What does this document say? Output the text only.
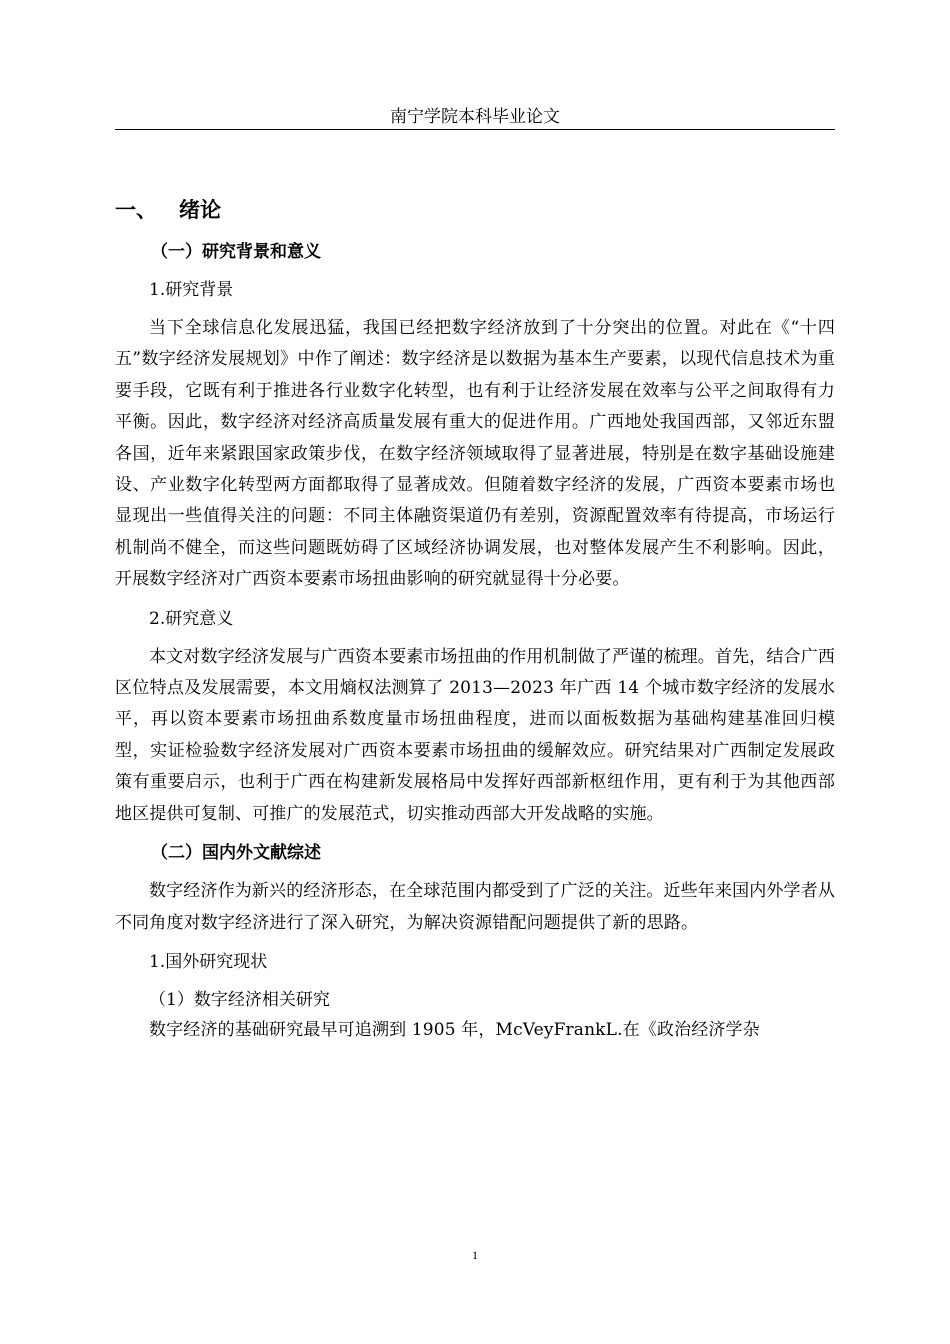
南宁学院本科毕业论文
一、 绪论
（一）研究背景和意义
1.研究背景

当下全球信息化发展迅猛，我国已经把数字经济放到了十分突出的位置。对此在《“十四五”数字经济发展规划》中作了阐述：数字经济是以数据为基本生产要素，以现代信息技术为重要手段，它既有利于推进各行业数字化转型，也有利于让经济发展在效率与公平之间取得有力平衡。因此，数字经济对经济高质量发展有重大的促进作用。广西地处我国西部，又邻近东盟各国，近年来紧跟国家政策步伐，在数字经济领域取得了显著进展，特别是在数字基础设施建设、产业数字化转型两方面都取得了显著成效。但随着数字经济的发展，广西资本要素市场也显现出一些值得关注的问题：不同主体融资渠道仍有差别，资源配置效率有待提高，市场运行机制尚不健全，而这些问题既妨碍了区域经济协调发展，也对整体发展产生不利影响。因此，开展数字经济对广西资本要素市场扭曲影响的研究就显得十分必要。

2.研究意义

本文对数字经济发展与广西资本要素市场扭曲的作用机制做了严谨的梳理。首先，结合广西区位特点及发展需要，本文用熵权法测算了 2013—2023 年广西 14 个城市数字经济的发展水平，再以资本要素市场扭曲系数度量市场扭曲程度，进而以面板数据为基础构建基准回归模型，实证检验数字经济发展对广西资本要素市场扭曲的缓解效应。研究结果对广西制定发展政策有重要启示，也利于广西在构建新发展格局中发挥好西部新枢纽作用，更有利于为其他西部地区提供可复制、可推广的发展范式，切实推动西部大开发战略的实施。

（二）国内外文献综述

数字经济作为新兴的经济形态，在全球范围内都受到了广泛的关注。近些年来国内外学者从不同角度对数字经济进行了深入研究，为解决资源错配问题提供了新的思路。

1.国外研究现状
（1）数字经济相关研究

数字经济的基础研究最早可追溯到 1905 年，McVeyFrankL.在《政治经济学杂

1
